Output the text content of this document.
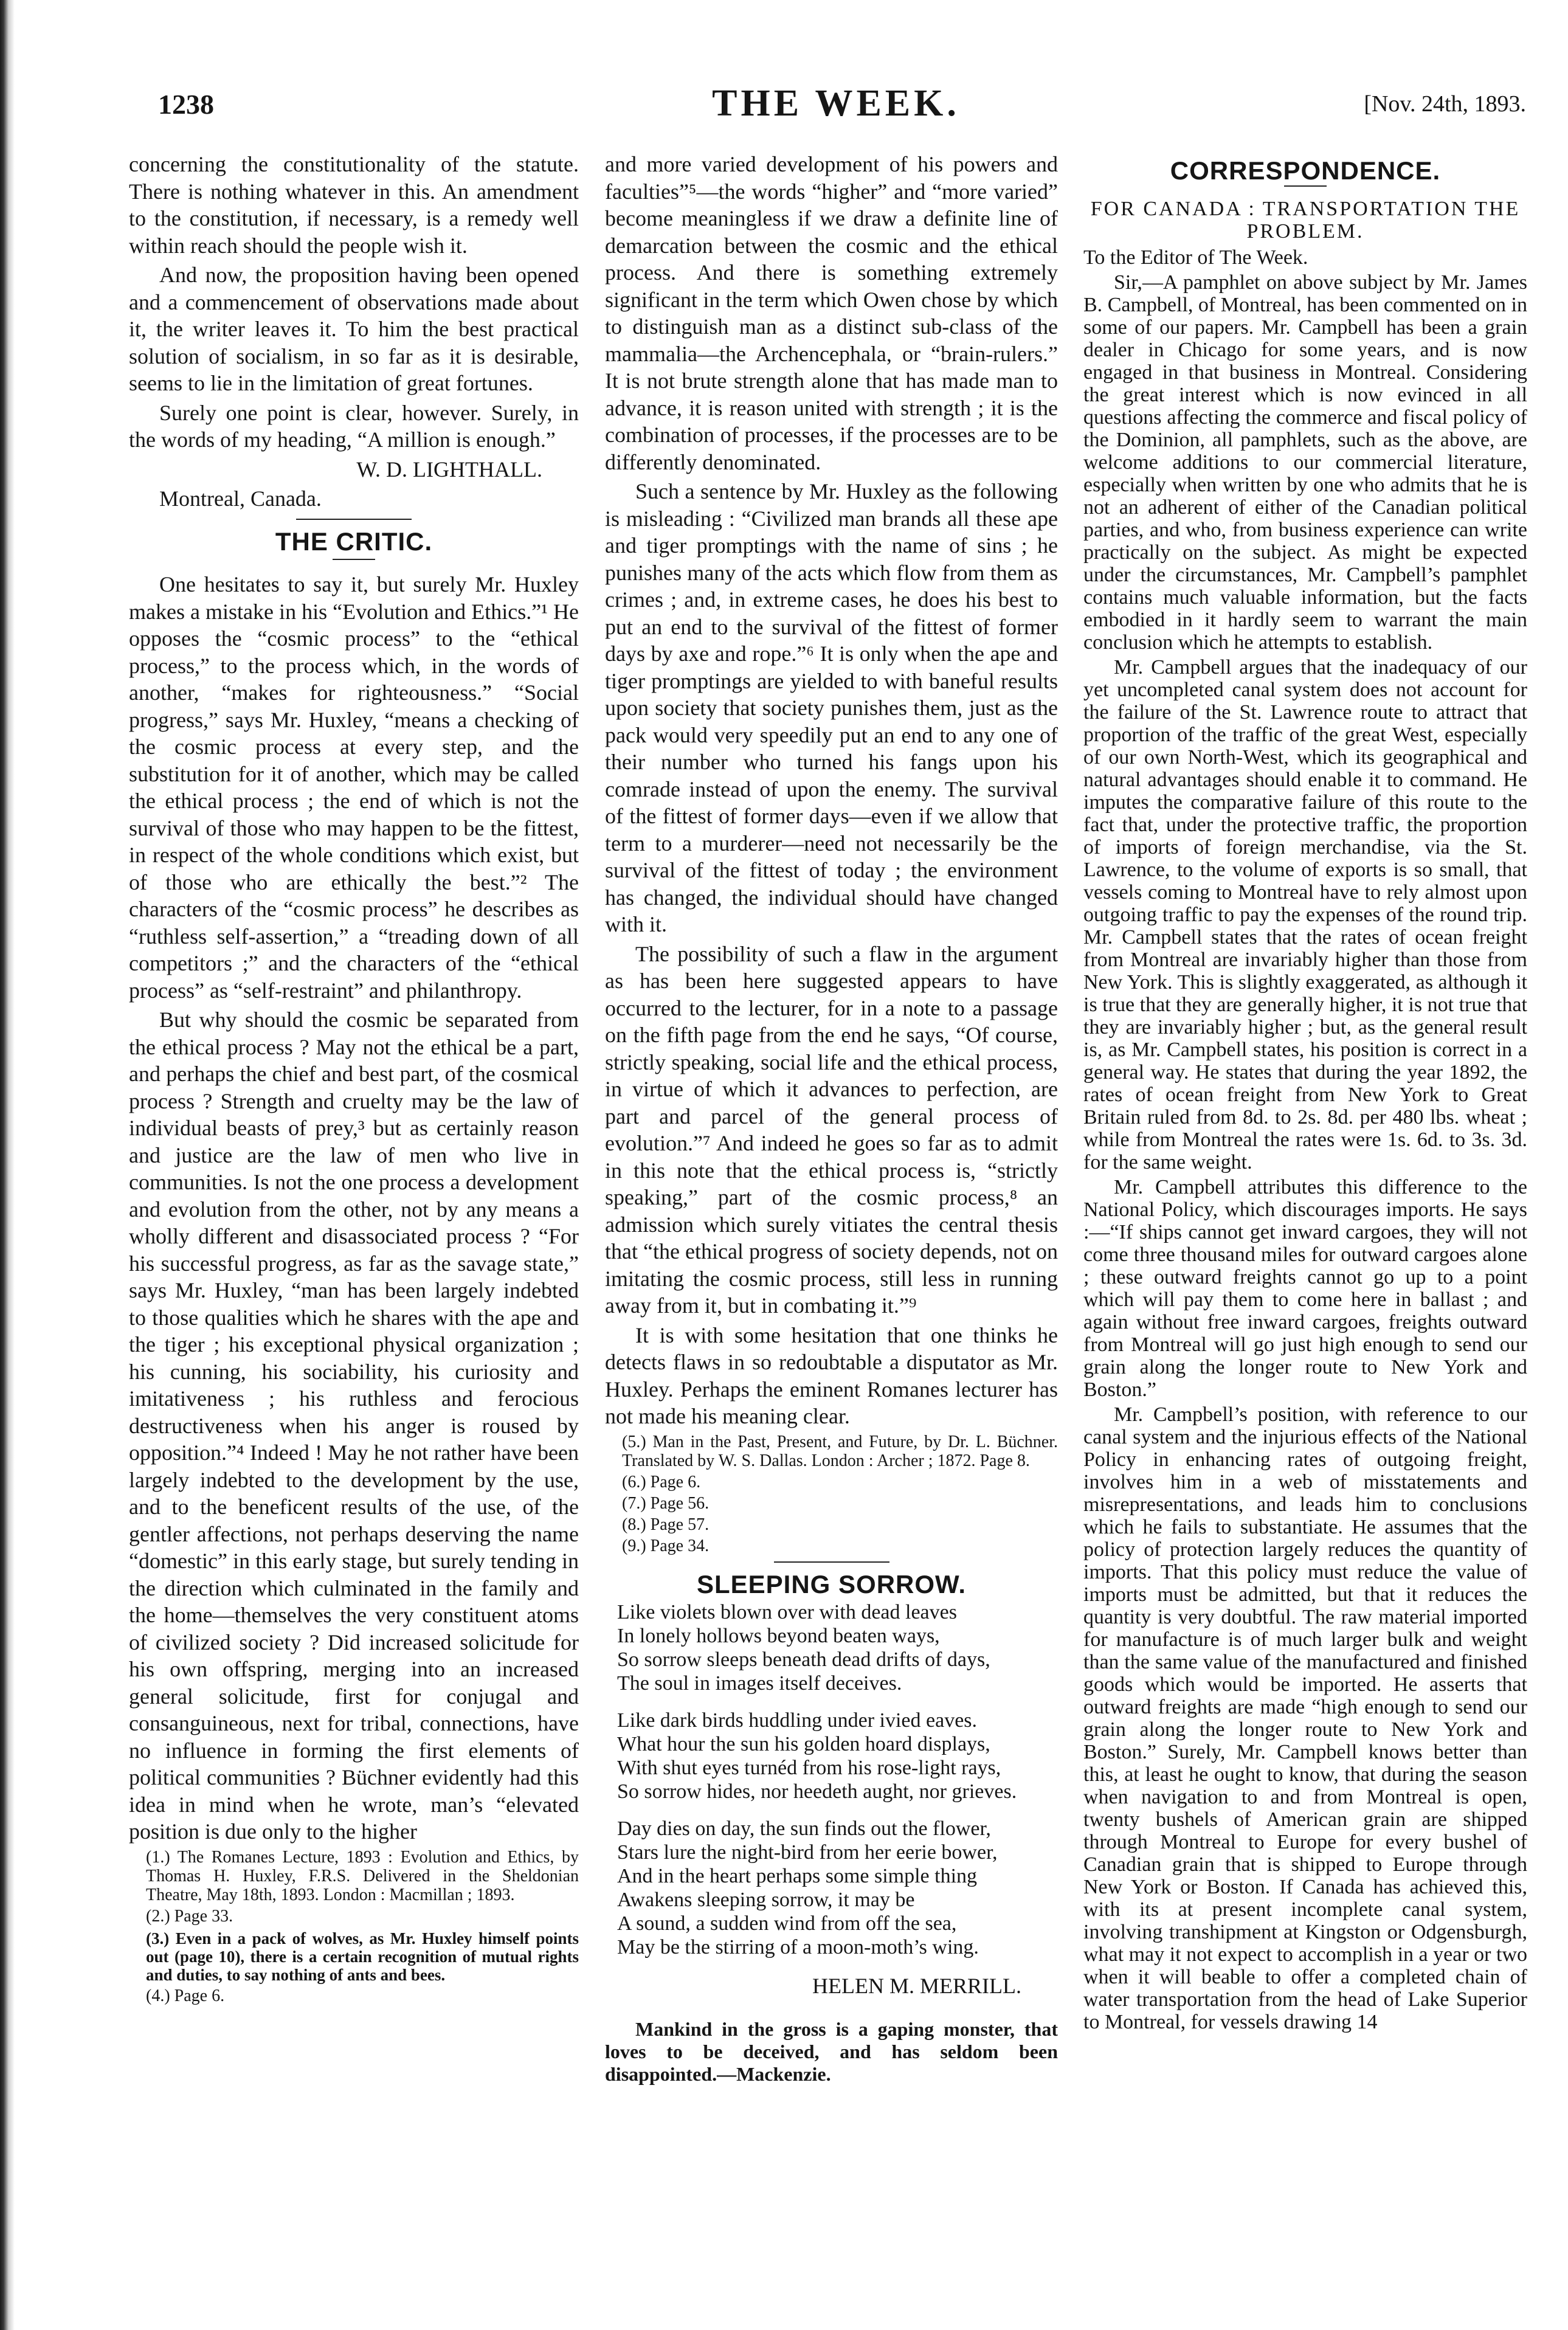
1238	THE WEEK.	[Nov. 24th, 1893.

concerning the constitutionality of the statute. There is nothing whatever in this. An amendment to the constitution, if necessary, is a remedy well within reach should the people wish it.

And now, the proposition having been opened and a commencement of observations made about it, the writer leaves it. To him the best practical solution of socialism, in so far as it is desirable, seems to lie in the limitation of great fortunes.

Surely one point is clear, however. Surely, in the words of my heading, “A million is enough.”

W. D. LIGHTHALL.

Montreal, Canada.

THE CRITIC.

One hesitates to say it, but surely Mr. Huxley makes a mistake in his “Evolution and Ethics.”¹ He opposes the “cosmic process” to the “ethical process,” to the process which, in the words of another, “makes for righteousness.” “Social progress,” says Mr. Huxley, “means a checking of the cosmic process at every step, and the substitution for it of another, which may be called the ethical process ; the end of which is not the survival of those who may happen to be the fittest, in respect of the whole conditions which exist, but of those who are ethically the best.”² The characters of the “cosmic process” he describes as “ruthless self-assertion,” a “treading down of all competitors ;” and the characters of the “ethical process” as “self-restraint” and philanthropy.

But why should the cosmic be separated from the ethical process ? May not the ethical be a part, and perhaps the chief and best part, of the cosmical process ? Strength and cruelty may be the law of individual beasts of prey,³ but as certainly reason and justice are the law of men who live in communities. Is not the one process a development and evolution from the other, not by any means a wholly different and disassociated process ? “For his successful progress, as far as the savage state,” says Mr. Huxley, “man has been largely indebted to those qualities which he shares with the ape and the tiger ; his exceptional physical organization ; his cunning, his sociability, his curiosity and imitativeness ; his ruthless and ferocious destructiveness when his anger is roused by opposition.”⁴ Indeed ! May he not rather have been largely indebted to the development by the use, and to the beneficent results of the use, of the gentler affections, not perhaps deserving the name “domestic” in this early stage, but surely tending in the direction which culminated in the family and the home—themselves the very constituent atoms of civilized society ? Did increased solicitude for his own offspring, merging into an increased general solicitude, first for conjugal and consanguineous, next for tribal, connections, have no influence in forming the first elements of political communities ? Büchner evidently had this idea in mind when he wrote, man’s “elevated position is due only to the higher

(1.) The Romanes Lecture, 1893 : Evolution and Ethics, by Thomas H. Huxley, F.R.S. Delivered in the Sheldonian Theatre, May 18th, 1893. London : Macmillan ; 1893.

(2.) Page 33.

(3.) Even in a pack of wolves, as Mr. Huxley himself points out (page 10), there is a certain recognition of mutual rights and duties, to say nothing of ants and bees.

(4.) Page 6.

and more varied development of his powers and faculties”⁵—the words “higher” and “more varied” become meaningless if we draw a definite line of demarcation between the cosmic and the ethical process. And there is something extremely significant in the term which Owen chose by which to distinguish man as a distinct sub-class of the mammalia—the Archencephala, or “brain-rulers.” It is not brute strength alone that has made man to advance, it is reason united with strength ; it is the combination of processes, if the processes are to be differently denominated.

Such a sentence by Mr. Huxley as the following is misleading : “Civilized man brands all these ape and tiger promptings with the name of sins ; he punishes many of the acts which flow from them as crimes ; and, in extreme cases, he does his best to put an end to the survival of the fittest of former days by axe and rope.”⁶ It is only when the ape and tiger promptings are yielded to with baneful results upon society that society punishes them, just as the pack would very speedily put an end to any one of their number who turned his fangs upon his comrade instead of upon the enemy. The survival of the fittest of former days—even if we allow that term to a murderer—need not necessarily be the survival of the fittest of today ; the environment has changed, the individual should have changed with it.

The possibility of such a flaw in the argument as has been here suggested appears to have occurred to the lecturer, for in a note to a passage on the fifth page from the end he says, “Of course, strictly speaking, social life and the ethical process, in virtue of which it advances to perfection, are part and parcel of the general process of evolution.”⁷ And indeed he goes so far as to admit in this note that the ethical process is, “strictly speaking,” part of the cosmic process,⁸ an admission which surely vitiates the central thesis that “the ethical progress of society depends, not on imitating the cosmic process, still less in running away from it, but in combating it.”⁹

It is with some hesitation that one thinks he detects flaws in so redoubtable a disputator as Mr. Huxley. Perhaps the eminent Romanes lecturer has not made his meaning clear.

(5.) Man in the Past, Present, and Future, by Dr. L. Büchner. Translated by W. S. Dallas. London : Archer ; 1872. Page 8.

(6.) Page 6.

(7.) Page 56.

(8.) Page 57.

(9.) Page 34.

SLEEPING SORROW.

Like violets blown over with dead leaves

In lonely hollows beyond beaten ways,

So sorrow sleeps beneath dead drifts of days,

The soul in images itself deceives.

Like dark birds huddling under ivied eaves.

What hour the sun his golden hoard displays,

With shut eyes turnéd from his rose-light rays,

So sorrow hides, nor heedeth aught, nor grieves.

Day dies on day, the sun finds out the flower,

Stars lure the night-bird from her eerie bower,

And in the heart perhaps some simple thing

Awakens sleeping sorrow, it may be

A sound, a sudden wind from off the sea,

May be the stirring of a moon-moth’s wing.

HELEN M. MERRILL.

Mankind in the gross is a gaping monster, that loves to be deceived, and has seldom been disappointed.—Mackenzie.

CORRESPONDENCE.
FOR CANADA : TRANSPORTATION THE PROBLEM.

To the Editor of The Week.

Sir,—A pamphlet on above subject by Mr. James B. Campbell, of Montreal, has been commented on in some of our papers. Mr. Campbell has been a grain dealer in Chicago for some years, and is now engaged in that business in Montreal. Considering the great interest which is now evinced in all questions affecting the commerce and fiscal policy of the Dominion, all pamphlets, such as the above, are welcome additions to our commercial literature, especially when written by one who admits that he is not an adherent of either of the Canadian political parties, and who, from business experience can write practically on the subject. As might be expected under the circumstances, Mr. Campbell’s pamphlet contains much valuable information, but the facts embodied in it hardly seem to warrant the main conclusion which he attempts to establish.

Mr. Campbell argues that the inadequacy of our yet uncompleted canal system does not account for the failure of the St. Lawrence route to attract that proportion of the traffic of the great West, especially of our own North-West, which its geographical and natural advantages should enable it to command. He imputes the comparative failure of this route to the fact that, under the protective traffic, the proportion of imports of foreign merchandise, via the St. Lawrence, to the volume of exports is so small, that vessels coming to Montreal have to rely almost upon outgoing traffic to pay the expenses of the round trip. Mr. Campbell states that the rates of ocean freight from Montreal are invariably higher than those from New York. This is slightly exaggerated, as although it is true that they are generally higher, it is not true that they are invariably higher ; but, as the general result is, as Mr. Campbell states, his position is correct in a general way. He states that during the year 1892, the rates of ocean freight from New York to Great Britain ruled from 8d. to 2s. 8d. per 480 lbs. wheat ; while from Montreal the rates were 1s. 6d. to 3s. 3d. for the same weight.

Mr. Campbell attributes this difference to the National Policy, which discourages imports. He says :—“If ships cannot get inward cargoes, they will not come three thousand miles for outward cargoes alone ; these outward freights cannot go up to a point which will pay them to come here in ballast ; and again without free inward cargoes, freights outward from Montreal will go just high enough to send our grain along the longer route to New York and Boston.”

Mr. Campbell’s position, with reference to our canal system and the injurious effects of the National Policy in enhancing rates of outgoing freight, involves him in a web of misstatements and misrepresentations, and leads him to conclusions which he fails to substantiate. He assumes that the policy of protection largely reduces the quantity of imports. That this policy must reduce the value of imports must be admitted, but that it reduces the quantity is very doubtful. The raw material imported for manufacture is of much larger bulk and weight than the same value of the manufactured and finished goods which would be imported. He asserts that outward freights are made “high enough to send our grain along the longer route to New York and Boston.” Surely, Mr. Campbell knows better than this, at least he ought to know, that during the season when navigation to and from Montreal is open, twenty bushels of American grain are shipped through Montreal to Europe for every bushel of Canadian grain that is shipped to Europe through New York or Boston. If Canada has achieved this, with its at present incomplete canal system, involving transhipment at Kingston or Odgensburgh, what may it not expect to accomplish in a year or two when it will beable to offer a completed chain of water transportation from the head of Lake Superior to Montreal, for vessels drawing 14
